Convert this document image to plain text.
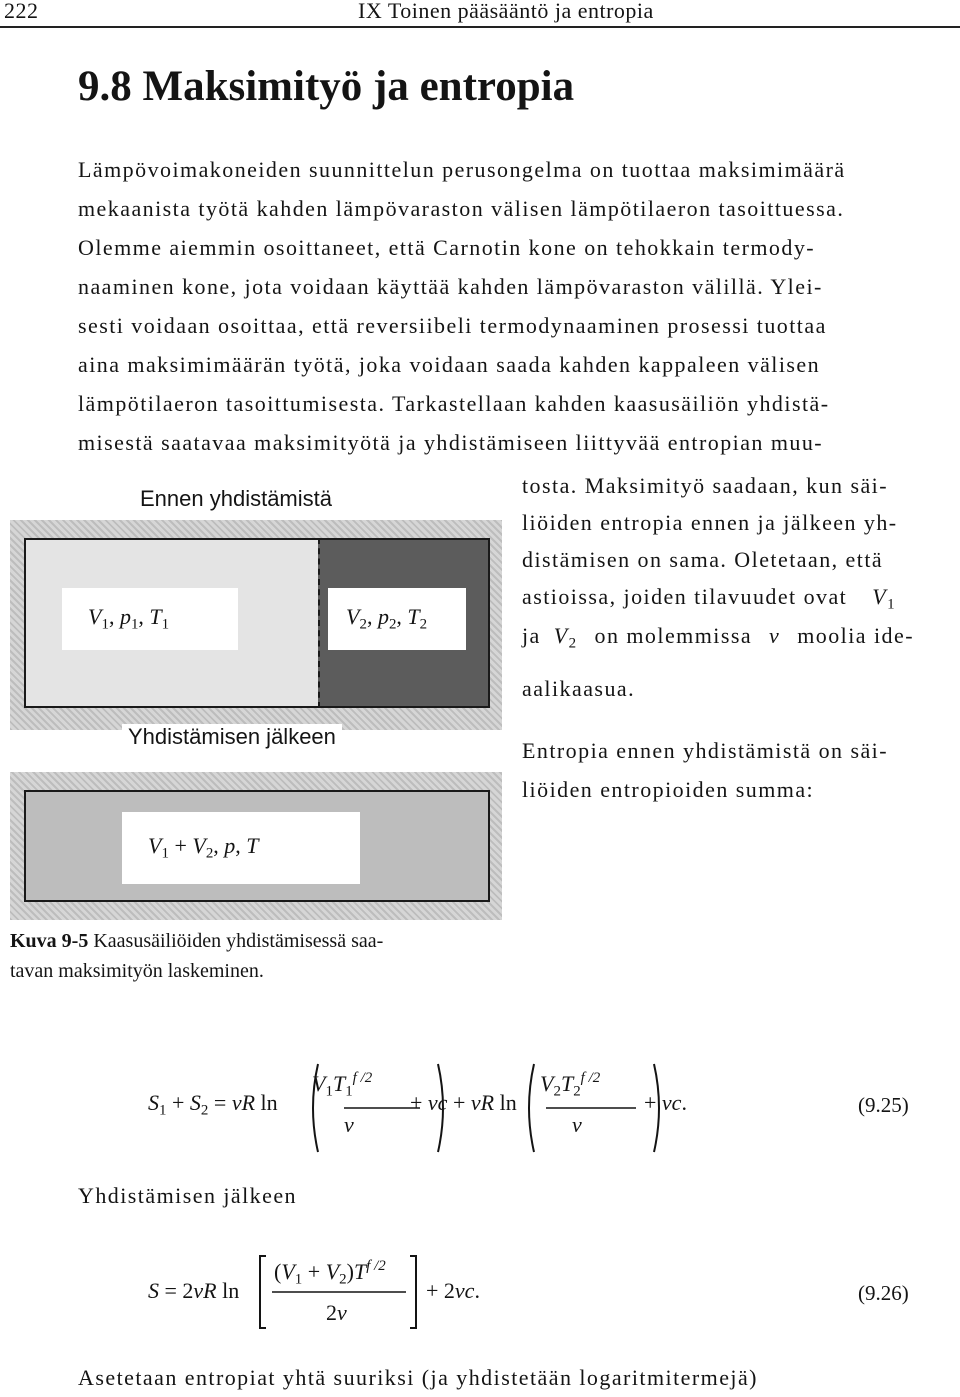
222	IX Toinen pääsääntö ja entropia
9.8 Maksimityö ja entropia
Lämpövoimakoneiden suunnittelun perusongelma on tuottaa maksimimäärä
mekaanista työtä kahden lämpövaraston välisen lämpötilaeron tasoittuessa.
Olemme aiemmin osoittaneet, että Carnotin kone on tehokkain termody-
naaminen kone, jota voidaan käyttää kahden lämpövaraston välillä. Ylei-
sesti voidaan osoittaa, että reversiibeli termodynaaminen prosessi tuottaa
aina maksimimäärän työtä, joka voidaan saada kahden kappaleen välisen
lämpötilaeron tasoittumisesta. Tarkastellaan kahden kaasusäiliön yhdistä-
misestä saatavaa maksimityötä ja yhdistämiseen liittyvää entropian muu-
tosta. Maksimityö saadaan, kun säi-
liöiden entropia ennen ja jälkeen yh-
distämisen on sama. Oletetaan, että
astioissa, joiden tilavuudet ovat $V_1$
ja $V_2$ on molemmissa ν moolia ide-
aalikaasua.
Entropia ennen yhdistämistä on säi-
liöiden entropioiden summa:
Ennen yhdistämistä
$V_1$, $p_1$, $T_1$	$V_2$, $p_2$, $T_2$
Yhdistämisen jälkeen
$V_1 + V_2$, p, T
Kuva 9-5 Kaasusäiliöiden yhdistämisessä saa-
tavan maksimityön laskeminen.
$S_1 + S_2 = \nu R$ ln
$V_1T_1^{f /2}$
ν
+ νc + νR ln
$V_2T_2^{f /2}$
ν
+ νc.	(9.25)
Yhdistämisen jälkeen
S = 2νR ln
$(V_1 + V_2)T^{f /2}$
2ν
+ 2νc.	(9.26)
Asetetaan entropiat yhtä suuriksi (ja yhdistetään logaritmitermejä)
